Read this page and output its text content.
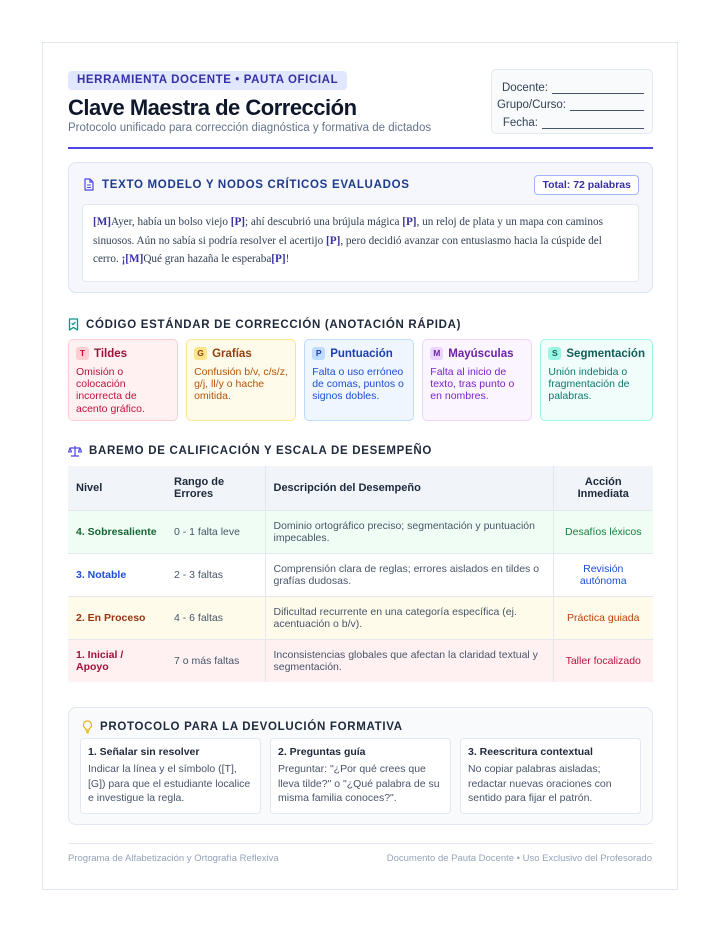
HERRAMIENTA DOCENTE • PAUTA OFICIAL
Clave Maestra de Corrección
Protocolo unificado para corrección diagnóstica y formativa de dictados
Docente:
Grupo/Curso:
Fecha:
TEXTO MODELO Y NODOS CRÍTICOS EVALUADOS	Total: 72 palabras
[M]Ayer, había un bolso viejo [P]; ahí descubrió una brújula mágica [P], un reloj de plata y un mapa con caminos sinuosos. Aún no sabía si podría resolver el acertijo [P], pero decidió avanzar con entusiasmo hacia la cúspide del cerro. ¡[M]Qué gran hazaña le esperaba[P]!
CÓDIGO ESTÁNDAR DE CORRECCIÓN (ANOTACIÓN RÁPIDA)
T Tildes
Omisión o colocación incorrecta de acento gráfico.
G Grafías
Confusión b/v, c/s/z, g/j, ll/y o hache omitida.
P Puntuación
Falta o uso erróneo de comas, puntos o signos dobles.
M Mayúsculas
Falta al inicio de texto, tras punto o en nombres.
S Segmentación
Unión indebida o fragmentación de palabras.
BAREMO DE CALIFICACIÓN Y ESCALA DE DESEMPEÑO
Nivel	Rango de Errores	Descripción del Desempeño	Acción Inmediata
4. Sobresaliente	0 - 1 falta leve	Dominio ortográfico preciso; segmentación y puntuación impecables.	Desafíos léxicos
3. Notable	2 - 3 faltas	Comprensión clara de reglas; errores aislados en tildes o grafías dudosas.	Revisión autónoma
2. En Proceso	4 - 6 faltas	Dificultad recurrente en una categoría específica (ej. acentuación o b/v).	Práctica guiada
1. Inicial / Apoyo	7 o más faltas	Inconsistencias globales que afectan la claridad textual y segmentación.	Taller focalizado
PROTOCOLO PARA LA DEVOLUCIÓN FORMATIVA
1. Señalar sin resolver
Indicar la línea y el símbolo ([T], [G]) para que el estudiante localice e investigue la regla.
2. Preguntas guía
Preguntar: "¿Por qué crees que lleva tilde?" o "¿Qué palabra de su misma familia conoces?".
3. Reescritura contextual
No copiar palabras aisladas; redactar nuevas oraciones con sentido para fijar el patrón.
Programa de Alfabetización y Ortografía Reflexiva	Documento de Pauta Docente • Uso Exclusivo del Profesorado
